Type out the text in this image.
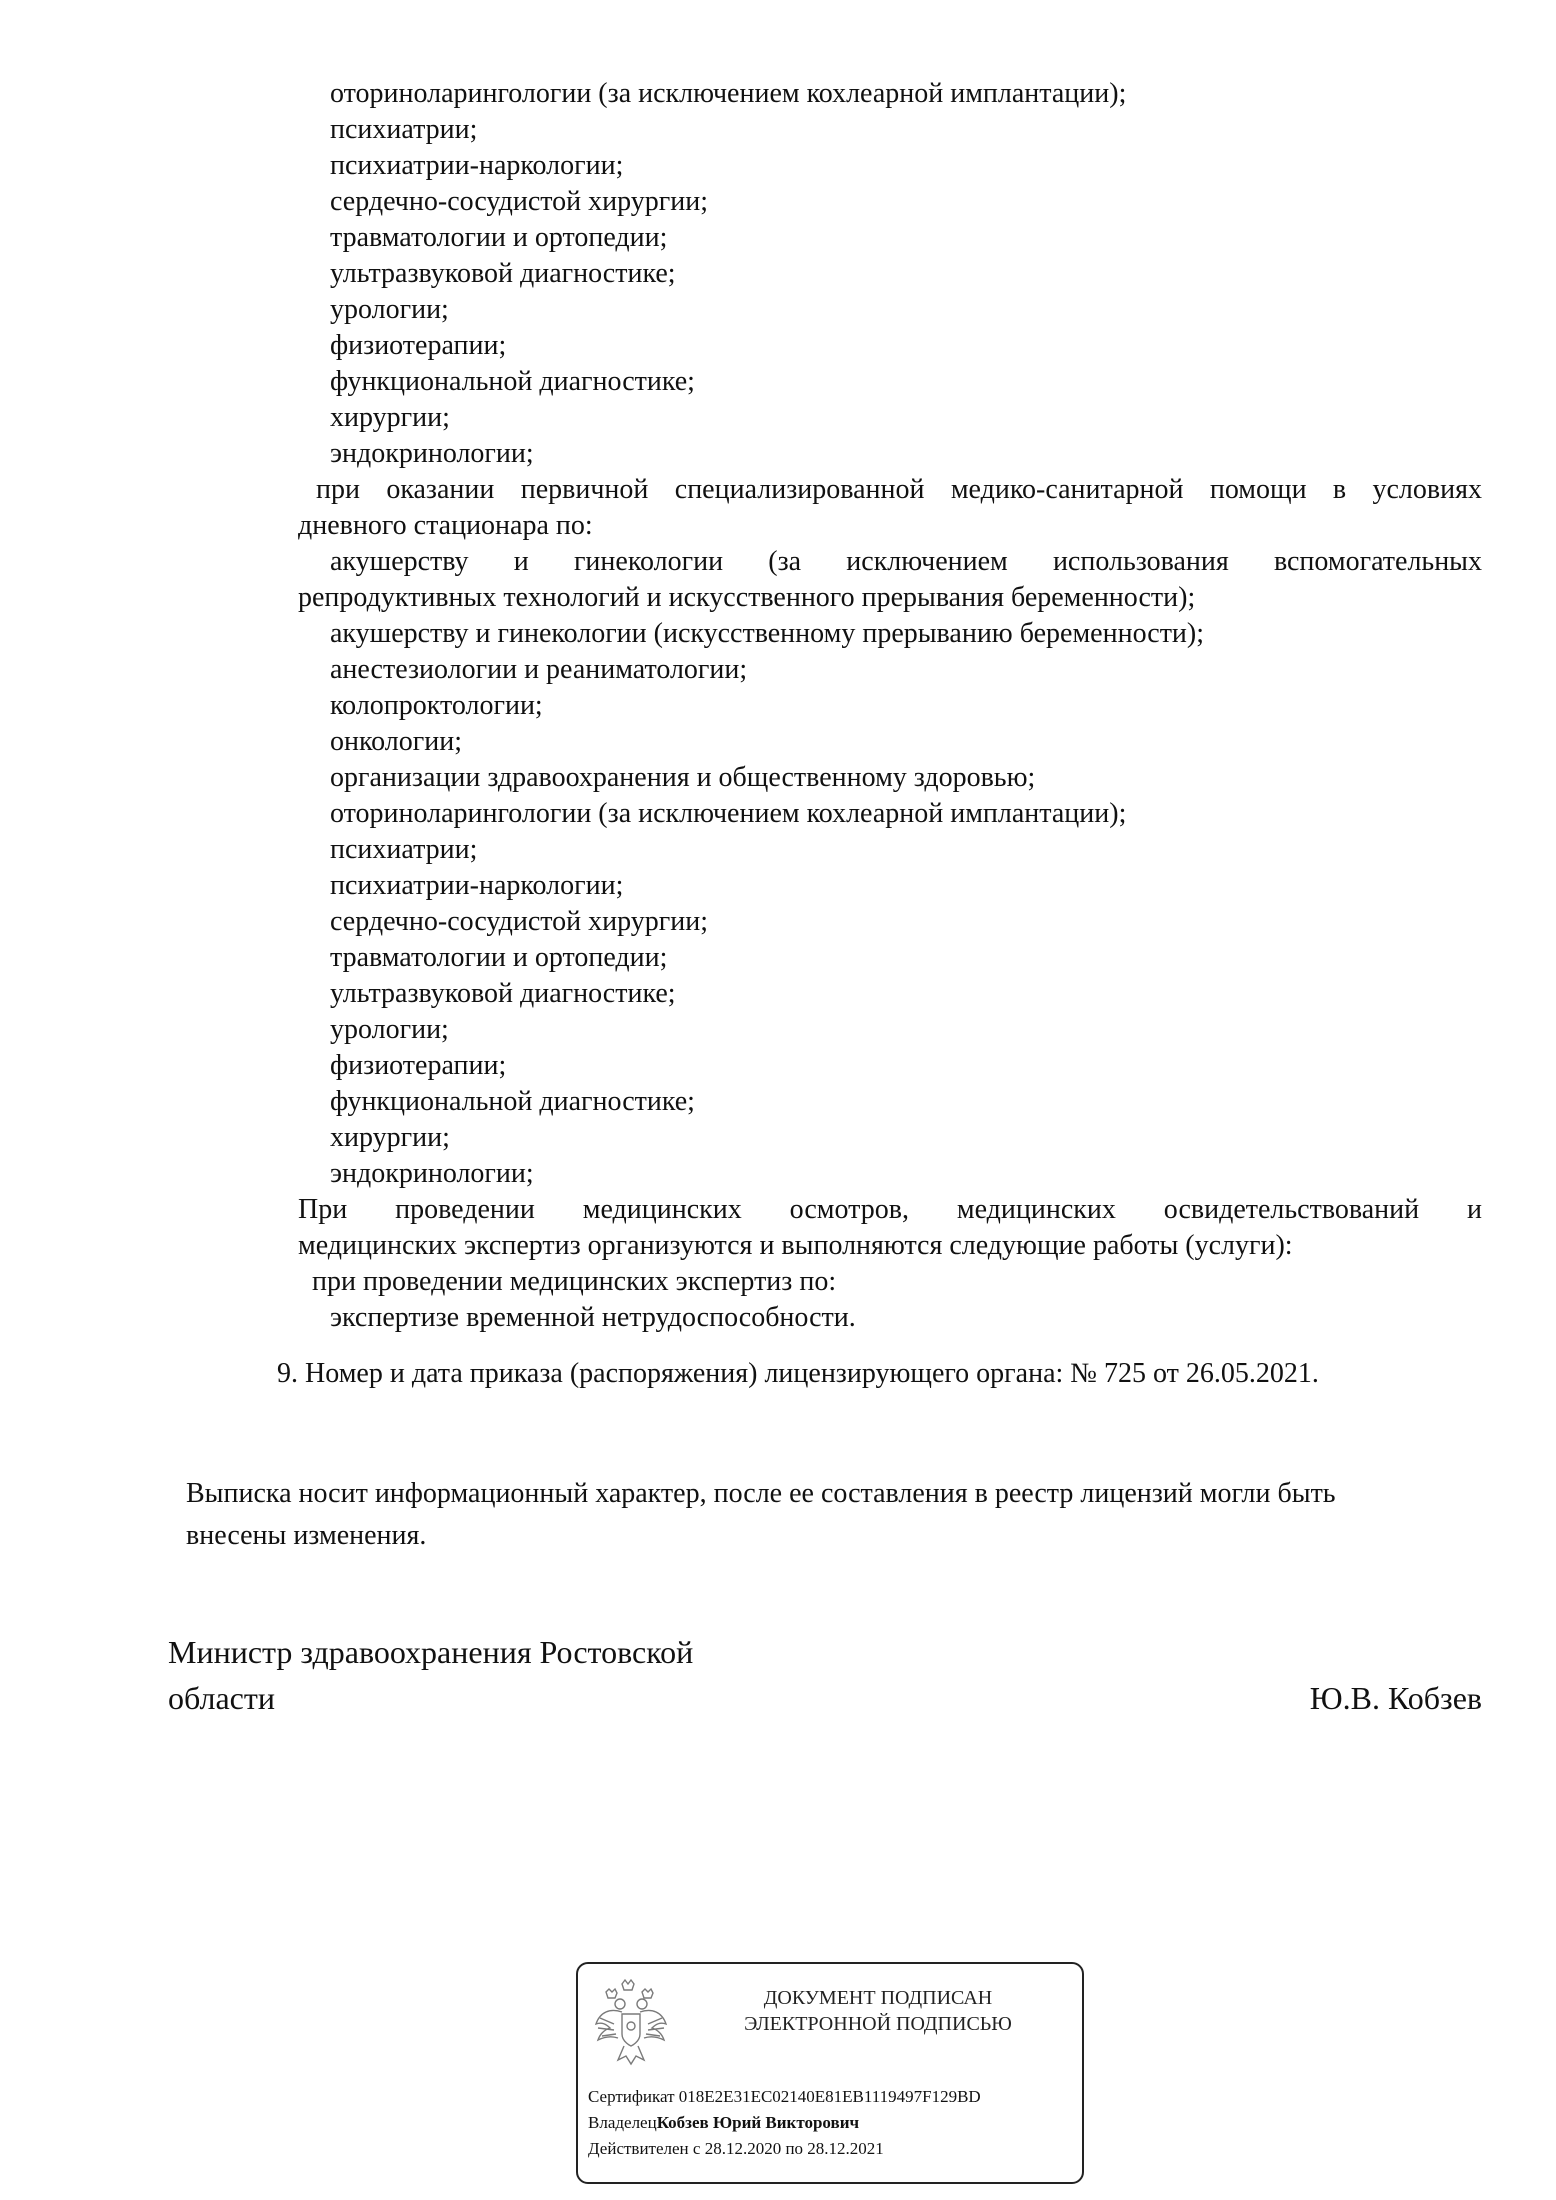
оториноларингологии (за исключением кохлеарной имплантации);
психиатрии;
психиатрии-наркологии;
сердечно-сосудистой хирургии;
травматологии и ортопедии;
ультразвуковой диагностике;
урологии;
физиотерапии;
функциональной диагностике;
хирургии;
эндокринологии;
при оказании первичной специализированной медико-санитарной помощи в условиях
дневного стационара по:
акушерству и гинекологии (за исключением использования вспомогательных
репродуктивных технологий и искусственного прерывания беременности);
акушерству и гинекологии (искусственному прерыванию беременности);
анестезиологии и реаниматологии;
колопроктологии;
онкологии;
организации здравоохранения и общественному здоровью;
оториноларингологии (за исключением кохлеарной имплантации);
психиатрии;
психиатрии-наркологии;
сердечно-сосудистой хирургии;
травматологии и ортопедии;
ультразвуковой диагностике;
урологии;
физиотерапии;
функциональной диагностике;
хирургии;
эндокринологии;
При проведении медицинских осмотров, медицинских освидетельствований и
медицинских экспертиз организуются и выполняются следующие работы (услуги):
при проведении медицинских экспертиз по:
экспертизе временной нетрудоспособности.
9. Номер и дата приказа (распоряжения) лицензирующего органа: № 725 от 26.05.2021.
Выписка носит информационный характер, после ее составления в реестр лицензий могли быть
внесены изменения.
Министр здравоохранения Ростовской
области	Ю.В. Кобзев
ДОКУМЕНТ ПОДПИСАН
ЭЛЕКТРОННОЙ ПОДПИСЬЮ
Сертификат 018E2E31EC02140E81EB1119497F129BD
ВладелецКобзев Юрий Викторович
Действителен с 28.12.2020 по 28.12.2021
